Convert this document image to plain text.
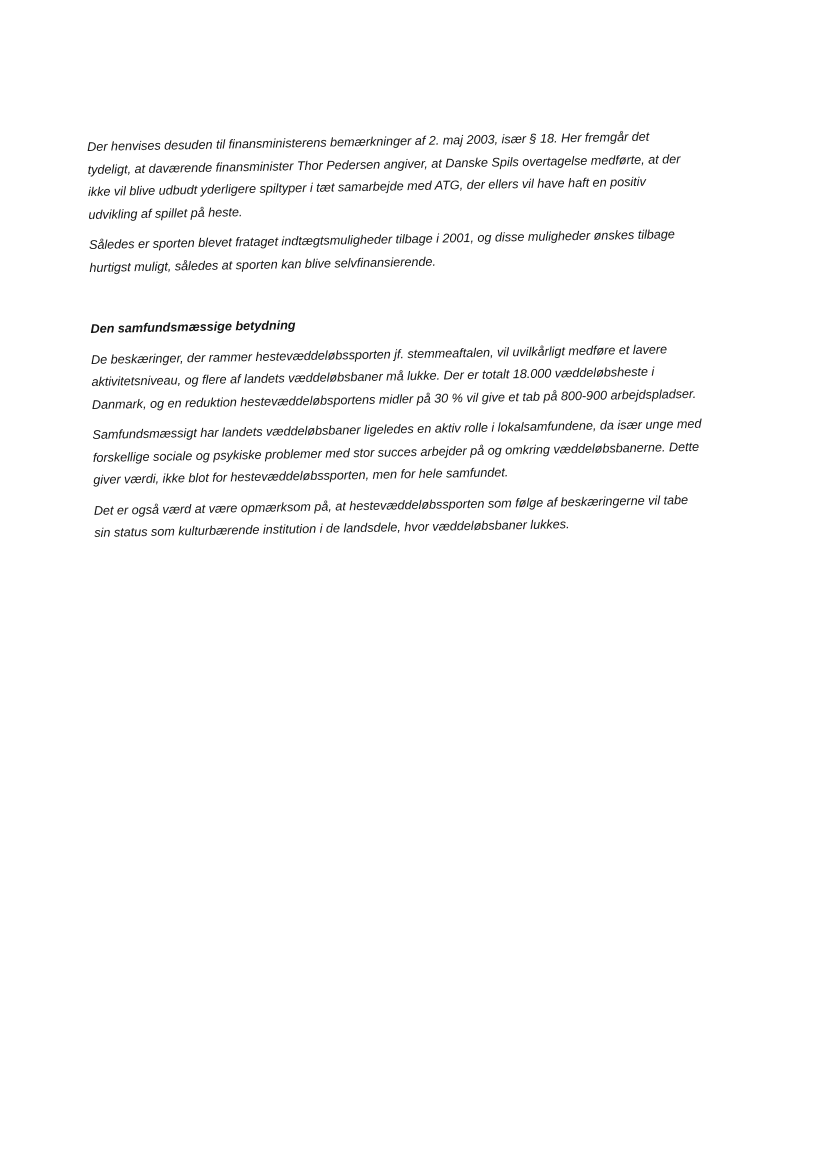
Der henvises desuden til finansministerens bemærkninger af 2. maj 2003, især § 18. Her fremgår det

tydeligt, at daværende finansminister Thor Pedersen angiver, at Danske Spils overtagelse medførte, at der

ikke vil blive udbudt yderligere spiltyper i tæt samarbejde med ATG, der ellers vil have haft en positiv

udvikling af spillet på heste.

Således er sporten blevet frataget indtægtsmuligheder tilbage i 2001, og disse muligheder ønskes tilbage

hurtigst muligt, således at sporten kan blive selvfinansierende.

Den samfundsmæssige betydning

De beskæringer, der rammer hestevæddeløbssporten jf. stemmeaftalen, vil uvilkårligt medføre et lavere

aktivitetsniveau, og flere af landets væddeløbsbaner må lukke. Der er totalt 18.000 væddeløbsheste i

Danmark, og en reduktion hestevæddeløbsportens midler på 30 % vil give et tab på 800-900 arbejdspladser.

Samfundsmæssigt har landets væddeløbsbaner ligeledes en aktiv rolle i lokalsamfundene, da især unge med

forskellige sociale og psykiske problemer med stor succes arbejder på og omkring væddeløbsbanerne. Dette

giver værdi, ikke blot for hestevæddeløbssporten, men for hele samfundet.

Det er også værd at være opmærksom på, at hestevæddeløbssporten som følge af beskæringerne vil tabe

sin status som kulturbærende institution i de landsdele, hvor væddeløbsbaner lukkes.
